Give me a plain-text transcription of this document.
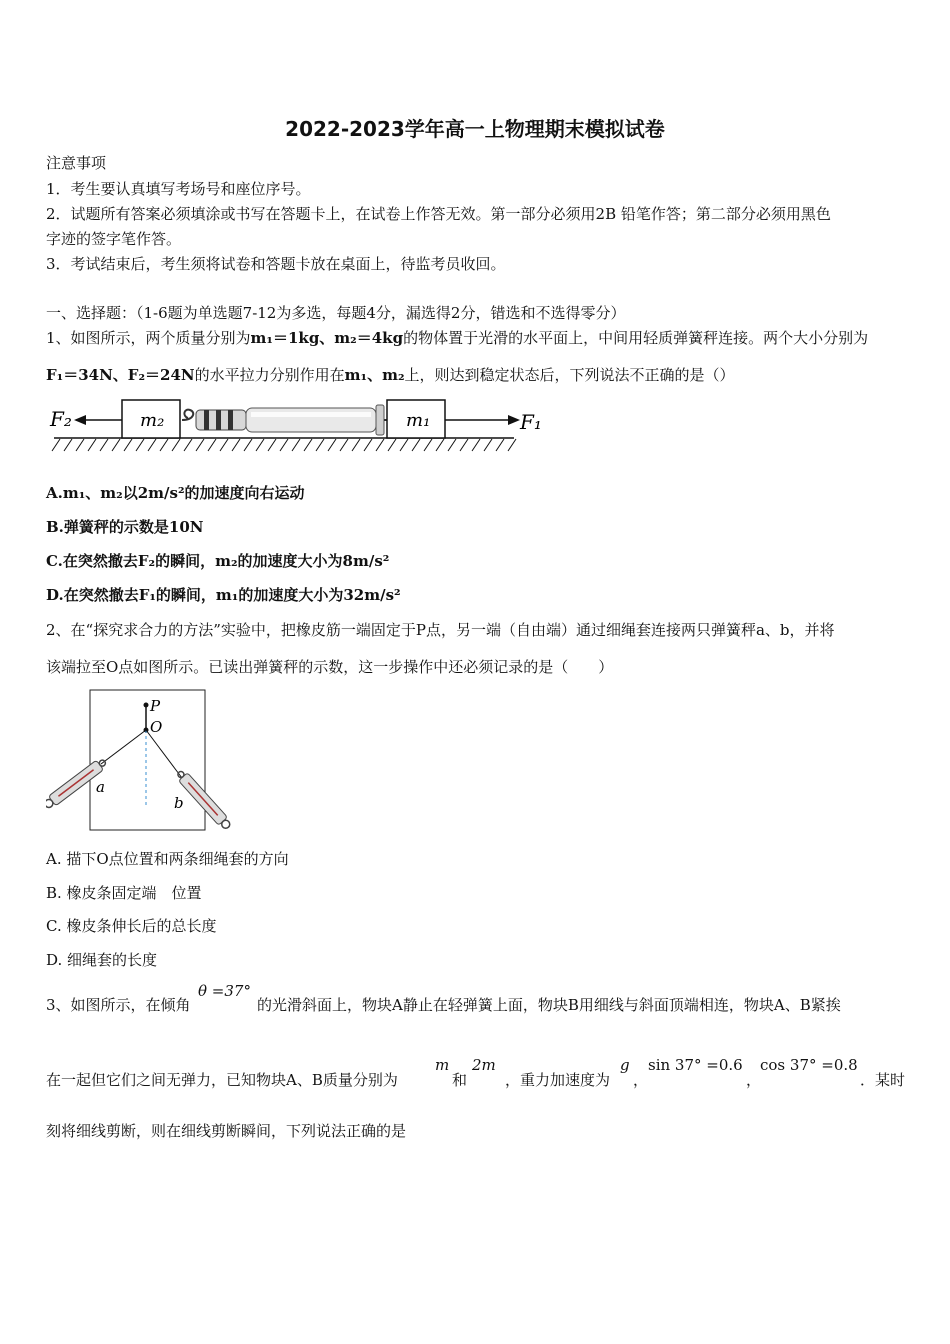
2022-2023学年高一上物理期末模拟试卷
注意事项
1．考生要认真填写考场号和座位序号。
2．试题所有答案必须填涂或书写在答题卡上，在试卷上作答无效。第一部分必须用2B 铅笔作答；第二部分必须用黑色
字迹的签字笔作答。
3．考试结束后，考生须将试卷和答题卡放在桌面上，待监考员收回。
一、选择题：（1-6题为单选题7-12为多选，每题4分，漏选得2分，错选和不选得零分）
1、如图所示，两个质量分别为m₁＝1kg、m₂＝4kg的物体置于光滑的水平面上，中间用轻质弹簧秤连接。两个大小分别为
F₁＝34N、F₂＝24N的水平拉力分别作用在m₁、m₂上，则达到稳定状态后，下列说法不正确的是（）
F₂	m₂	m₁	F₁
A.m₁、m₂以2m/s²的加速度向右运动
B.弹簧秤的示数是10N
C.在突然撤去F₂的瞬间，m₂的加速度大小为8m/s²
D.在突然撤去F₁的瞬间，m₁的加速度大小为32m/s²
2、在“探究求合力的方法”实验中，把橡皮筋一端固定于P点，另一端（自由端）通过细绳套连接两只弹簧秤a、b，并将
该端拉至O点如图所示。已读出弹簧秤的示数，这一步操作中还必须记录的是（　　）
P
O
a
b
A. 描下O点位置和两条细绳套的方向
B. 橡皮条固定端　位置
C. 橡皮条伸长后的总长度
D. 细绳套的长度
3、如图所示，在倾角
θ =37°
的光滑斜面上，物块A静止在轻弹簧上面，物块B用细线与斜面顶端相连，物块A、B紧挨
在一起但它们之间无弹力，已知物块A、B质量分别为
m
和
2m
，重力加速度为
g
，
sin 37° =0.6
，
cos 37° =0.8
．某时
刻将细线剪断，则在细线剪断瞬间，下列说法正确的是
